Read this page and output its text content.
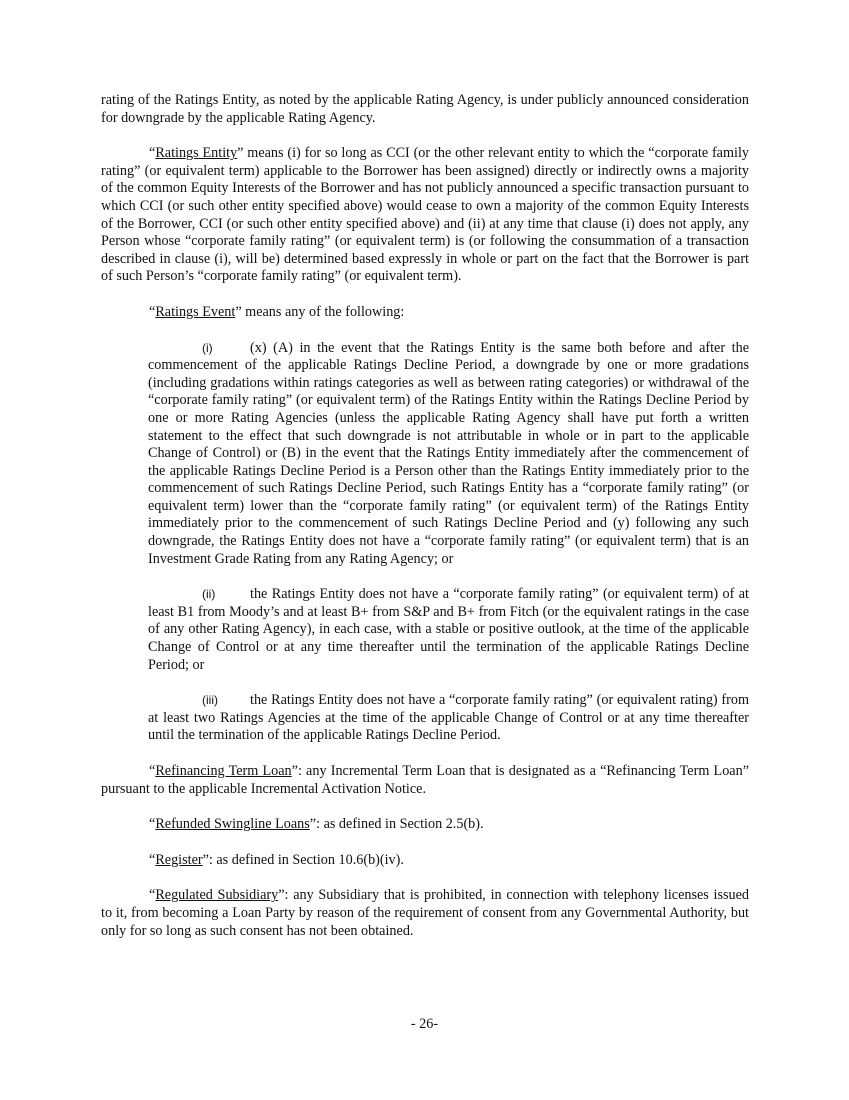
rating of the Ratings Entity, as noted by the applicable Rating Agency, is under publicly announced consideration for downgrade by the applicable Rating Agency.

“Ratings Entity” means (i) for so long as CCI (or the other relevant entity to which the “corporate family rating” (or equivalent term) applicable to the Borrower has been assigned) directly or indirectly owns a majority of the common Equity Interests of the Borrower and has not publicly announced a specific transaction pursuant to which CCI (or such other entity specified above) would cease to own a majority of the common Equity Interests of the Borrower, CCI (or such other entity specified above) and (ii) at any time that clause (i) does not apply, any Person whose “corporate family rating” (or equivalent term) is (or following the consummation of a transaction described in clause (i), will be) determined based expressly in whole or part on the fact that the Borrower is part of such Person’s “corporate family rating” (or equivalent term).

“Ratings Event” means any of the following:

(i)	(x) (A) in the event that the Ratings Entity is the same both before and after the commencement of the applicable Ratings Decline Period, a downgrade by one or more gradations (including gradations within ratings categories as well as between rating categories) or withdrawal of the “corporate family rating” (or equivalent term) of the Ratings Entity within the Ratings Decline Period by one or more Rating Agencies (unless the applicable Rating Agency shall have put forth a written statement to the effect that such downgrade is not attributable in whole or in part to the applicable Change of Control) or (B) in the event that the Ratings Entity immediately after the commencement of the applicable Ratings Decline Period is a Person other than the Ratings Entity immediately prior to the commencement of such Ratings Decline Period, such Ratings Entity has a “corporate family rating” (or equivalent term) lower than the “corporate family rating” (or equivalent term) of the Ratings Entity immediately prior to the commencement of such Ratings Decline Period and (y) following any such downgrade, the Ratings Entity does not have a “corporate family rating” (or equivalent term) that is an Investment Grade Rating from any Rating Agency; or

(ii) the Ratings Entity does not have a “corporate family rating” (or equivalent term) of at least B1 from Moody’s and at least B+ from S&P and B+ from Fitch (or the equivalent ratings in the case of any other Rating Agency), in each case, with a stable or positive outlook, at the time of the applicable Change of Control or at any time thereafter until the termination of the applicable Ratings Decline Period; or

(iii) the Ratings Entity does not have a “corporate family rating” (or equivalent rating) from at least two Ratings Agencies at the time of the applicable Change of Control or at any time thereafter until the termination of the applicable Ratings Decline Period.

“Refinancing Term Loan”: any Incremental Term Loan that is designated as a “Refinancing Term Loan” pursuant to the applicable Incremental Activation Notice.

“Refunded Swingline Loans”: as defined in Section 2.5(b).

“Register”: as defined in Section 10.6(b)(iv).

“Regulated Subsidiary”: any Subsidiary that is prohibited, in connection with telephony licenses issued to it, from becoming a Loan Party by reason of the requirement of consent from any Governmental Authority, but only for so long as such consent has not been obtained.

- 26-
